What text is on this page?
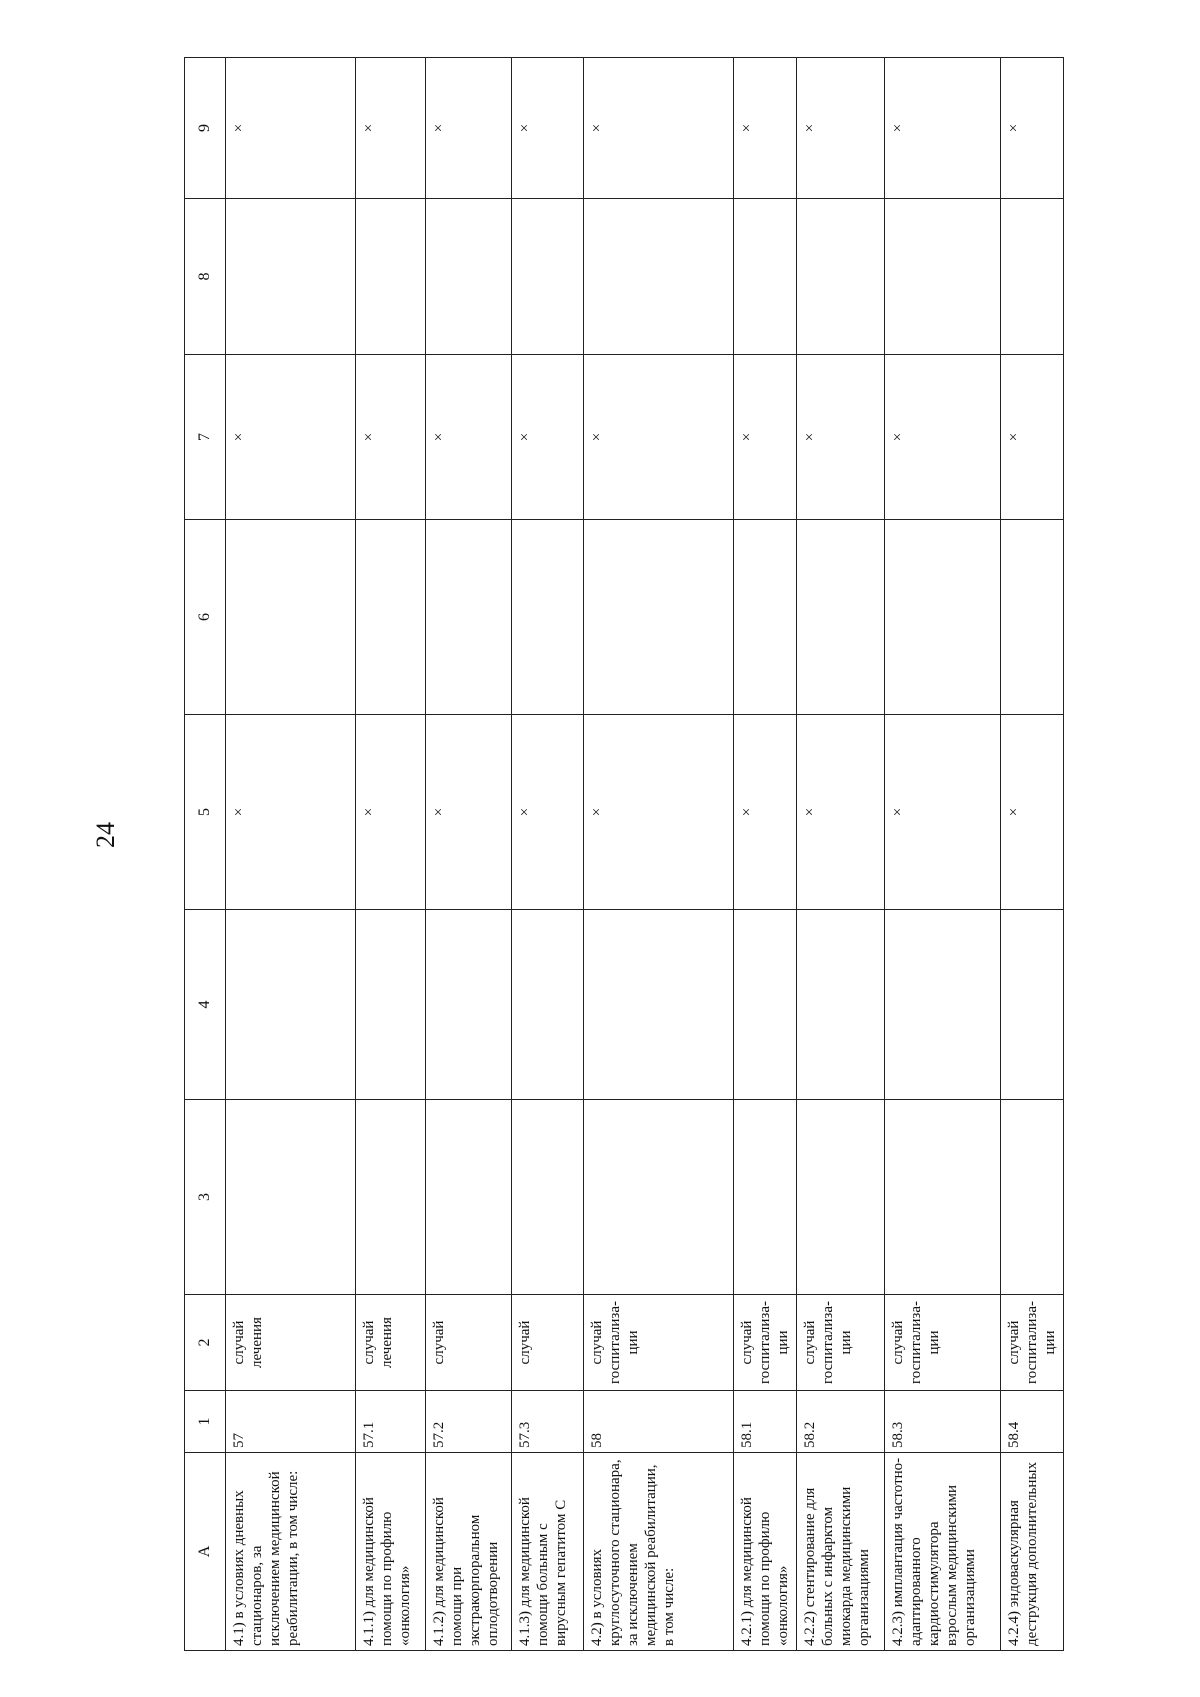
24
А	1	2	3	4	5	6	7	8	9
4.1) в условиях дневных стационаров, за исключением медицинской реабилитации, в том числе:	57	случай лечения			×		×		×
4.1.1) для медицинской помощи по профилю «онкология»	57.1	случай лечения			×		×		×
4.1.2) для медицинской помощи при экстракорпоральном оплодотворении	57.2	случай			×		×		×
4.1.3) для медицинской помощи больным с вирусным гепатитом С	57.3	случай			×		×		×
4.2) в условиях круглосуточного стационара, за исключением медицинской реабилитации, в том числе:	58	случай госпитализа-ции			×		×		×
4.2.1) для медицинской помощи по профилю «онкология»	58.1	случай госпитализа-ции			×		×		×
4.2.2) стентирование для больных с инфарктом миокарда медицинскими организациями	58.2	случай госпитализа-ции			×		×		×
4.2.3) имплантация частотно-адаптированного кардиостимулятора взрослым медицинскими организациями	58.3	случай госпитализа-ции			×		×		×
4.2.4) эндоваскулярная деструкция дополнительных	58.4	случай госпитализа-ции			×		×		×
